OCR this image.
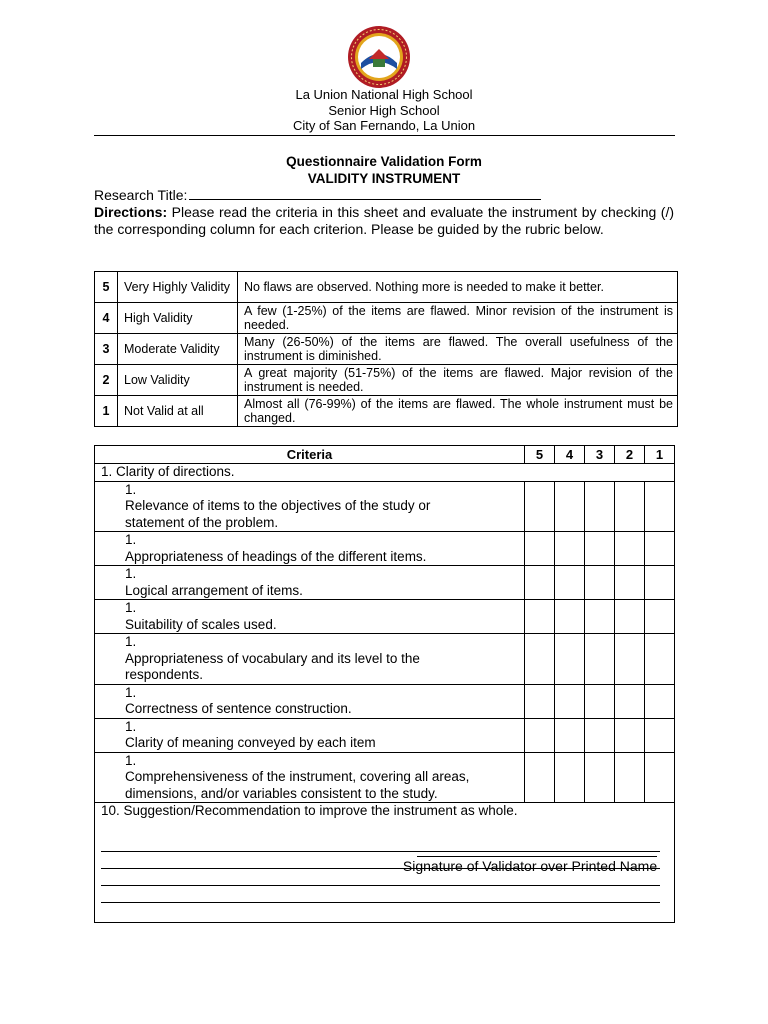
La Union National High School
Senior High School
City of San Fernando, La Union
Questionnaire Validation Form
VALIDITY INSTRUMENT
Research Title:
Directions: Please read the criteria in this sheet and evaluate the instrument by checking (/) the corresponding column for each criterion. Please be guided by the rubric below.
5	Very Highly Validity	No flaws are observed. Nothing more is needed to make it better.
4	High Validity	A few (1-25%) of the items are flawed. Minor revision of the instrument is needed.
3	Moderate Validity	Many (26-50%) of the items are flawed. The overall usefulness of the instrument is diminished.
2	Low Validity	A great majority (51-75%) of the items are flawed. Major revision of the instrument is needed.
1	Not Valid at all	Almost all (76-99%) of the items are flawed. The whole instrument must be changed.
Criteria	5	4	3	2	1
1. Clarity of directions.					
1.Relevance of items to the objectives of the study or statement of the problem.					
1.Appropriateness of headings of the different items.					
1.Logical arrangement of items.					
1.Suitability of scales used.					
1.Appropriateness of vocabulary and its level to the respondents.					
1.Correctness of sentence construction.					
1.Clarity of meaning conveyed by each item					
1.Comprehensiveness of the instrument, covering all areas, dimensions, and/or variables consistent to the study.					

10. Suggestion/Recommendation to improve the instrument as whole.					
Signature of Validator over Printed Name
